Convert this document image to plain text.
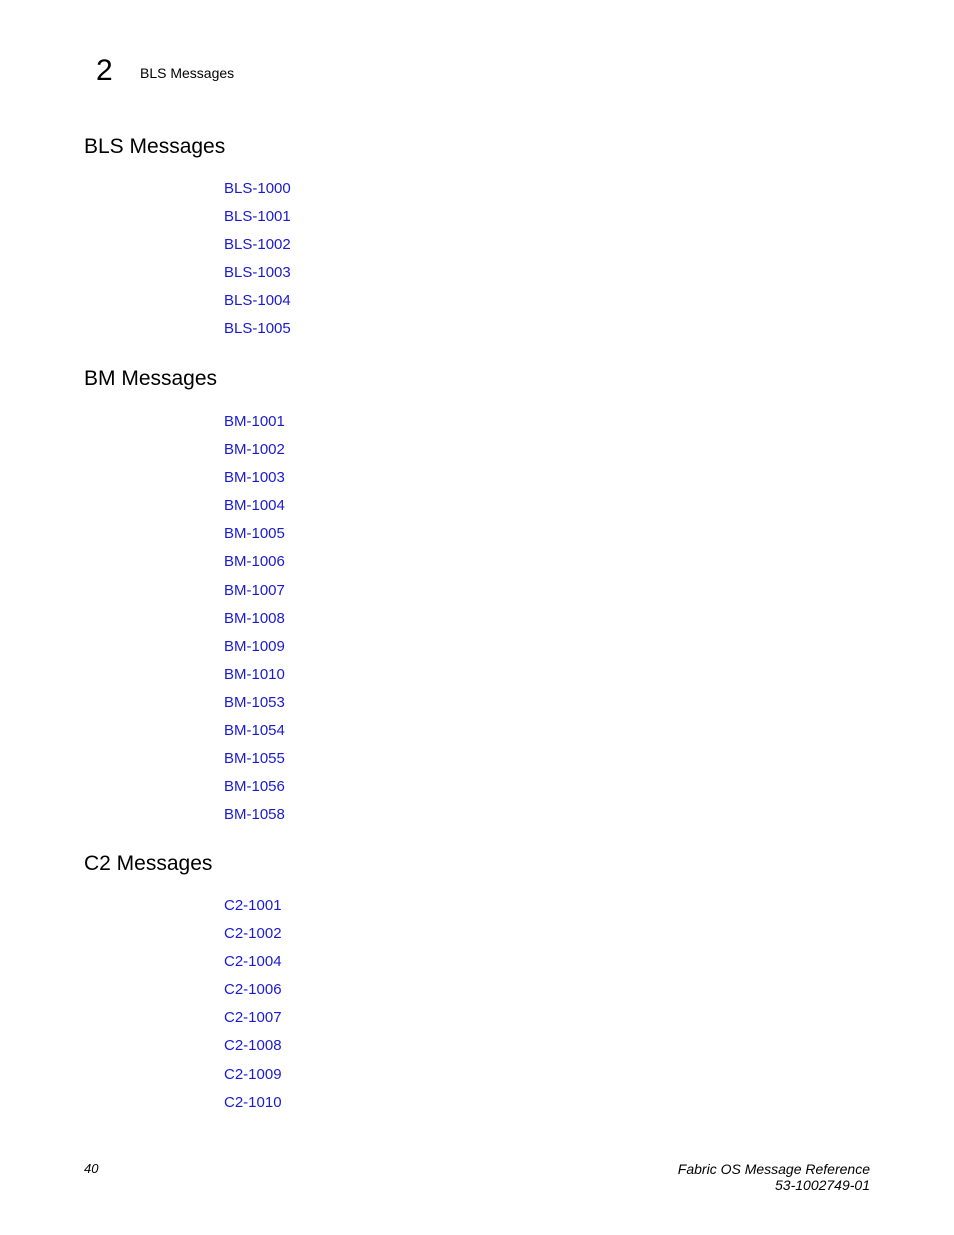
2 BLS Messages
BLS Messages
BLS-1000
BLS-1001
BLS-1002
BLS-1003
BLS-1004
BLS-1005
BM Messages
BM-1001
BM-1002
BM-1003
BM-1004
BM-1005
BM-1006
BM-1007
BM-1008
BM-1009
BM-1010
BM-1053
BM-1054
BM-1055
BM-1056
BM-1058
C2 Messages
C2-1001
C2-1002
C2-1004
C2-1006
C2-1007
C2-1008
C2-1009
C2-1010
40	Fabric OS Message Reference
53-1002749-01
